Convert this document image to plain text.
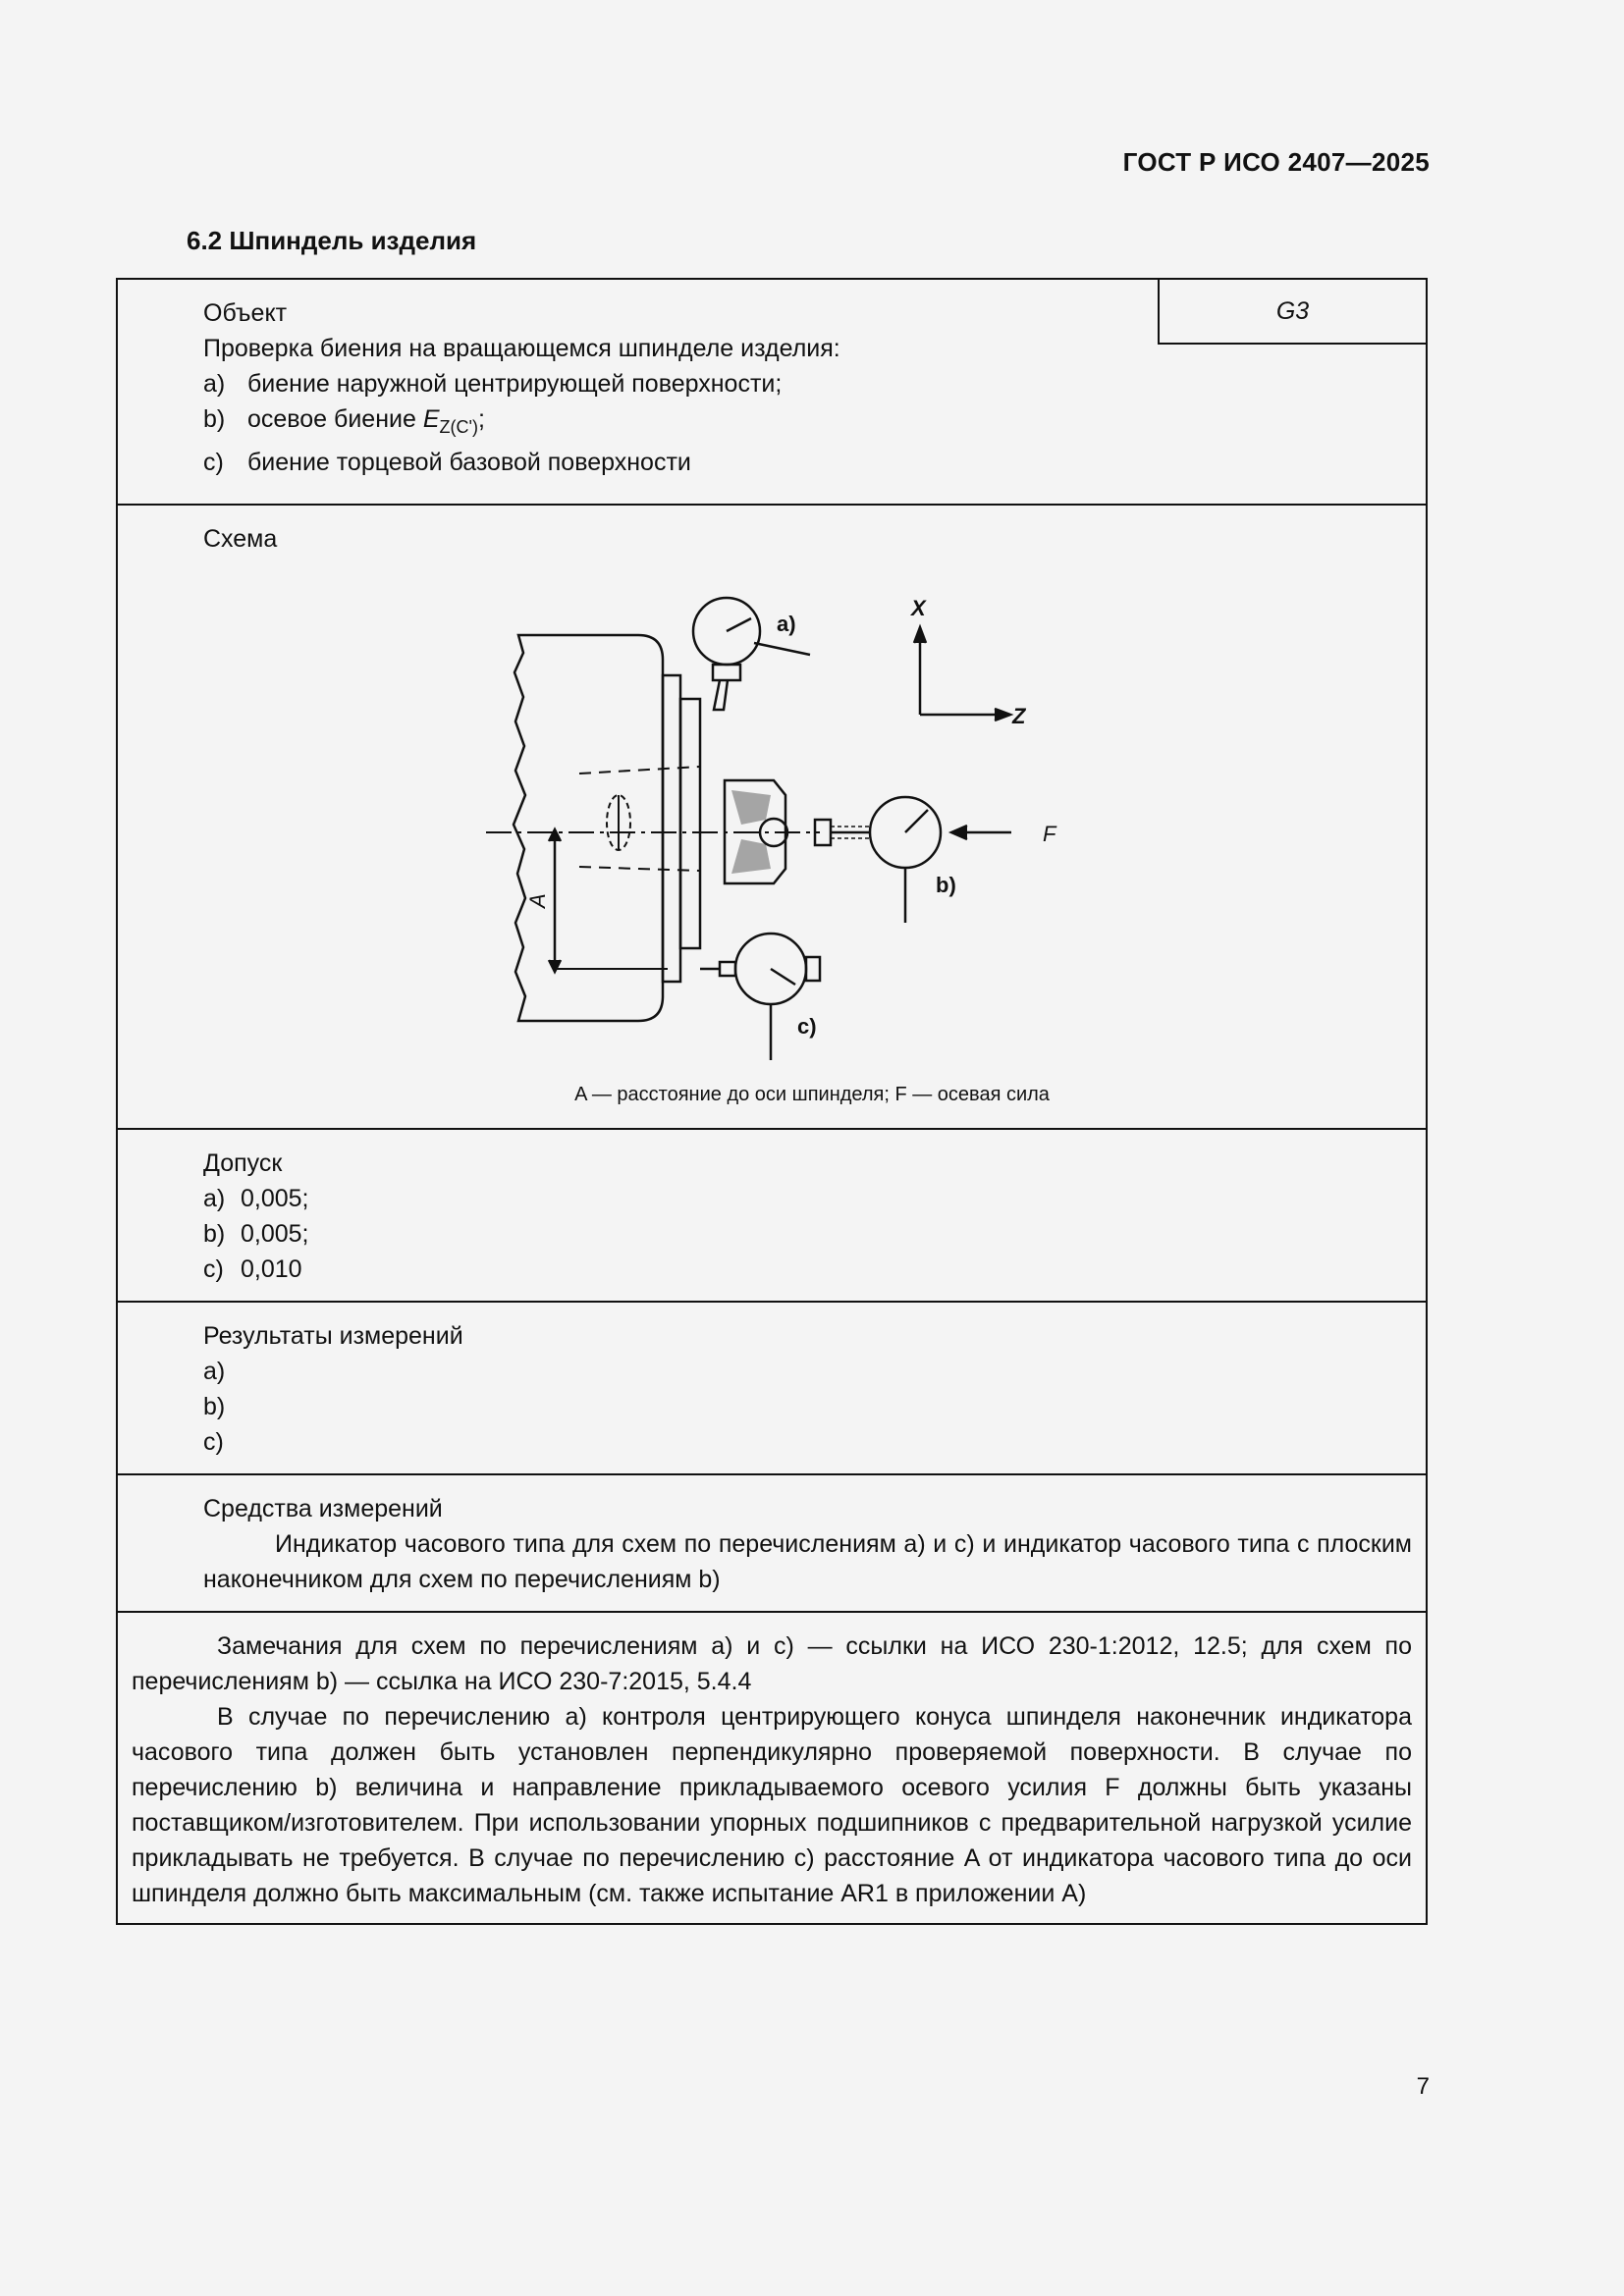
ГОСТ Р ИСО 2407—2025
6.2 Шпиндель изделия
G3
Объект
Проверка биения на вращающемся шпинделе изделия:
a) биение наружной центрирующей поверхности;
b) осевое биение $E_{Z(C')}$;
c) биение торцевой базовой поверхности
Схема
Допуск
a) 0,005;
b) 0,005;
c) 0,010
Результаты измерений
a)
b)
c)
Средства измерений
Индикатор часового типа для схем по перечислениям a) и c) и индикатор часового типа с плоским наконечником для схем по перечислениям b)
Замечания для схем по перечислениям a) и c) — ссылки на ИСО 230-1:2012, 12.5; для схем по перечислениям b) — ссылка на ИСО 230-7:2015, 5.4.4
В случае по перечислению a) контроля центрирующего конуса шпинделя наконечник индикатора часового типа должен быть установлен перпендикулярно проверяемой поверхности. В случае по перечислению b) величина и направление прикладываемого осевого усилия F должны быть указаны поставщиком/изготовителем. При использовании упорных подшипников с предварительной нагрузкой усилие прикладывать не требуется. В случае по перечислению c) расстояние A от индикатора часового типа до оси шпинделя должно быть максимальным (см. также испытание AR1 в приложении A)
a)
b)
c)
X
Z
F
A
A — расстояние до оси шпинделя; F — осевая сила
7
